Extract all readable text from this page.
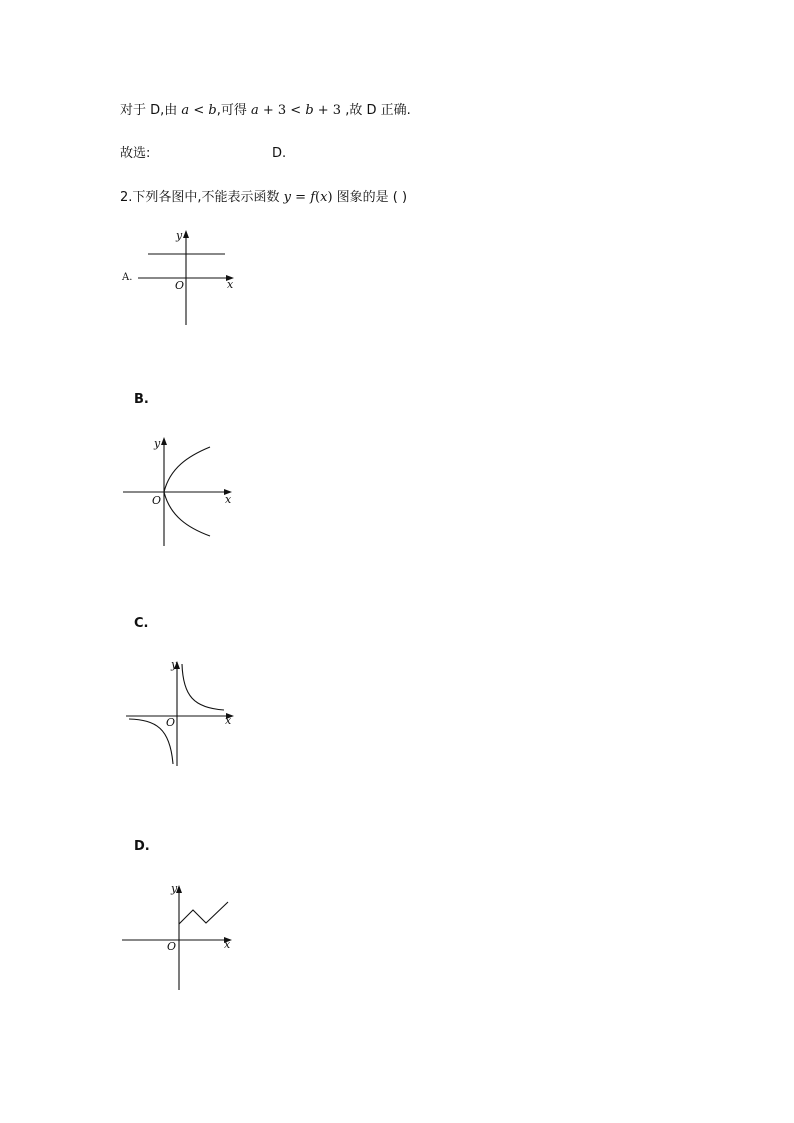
对于 D,由 a < b,可得 a + 3 < b + 3 ,故 D 正确.
故选:	D.
2.下列各图中,不能表示函数 y = f(x) 图象的是 ( )
A.
y
x
O
B.
y
x
O
C.
y
x
O
D.
y
x
O
